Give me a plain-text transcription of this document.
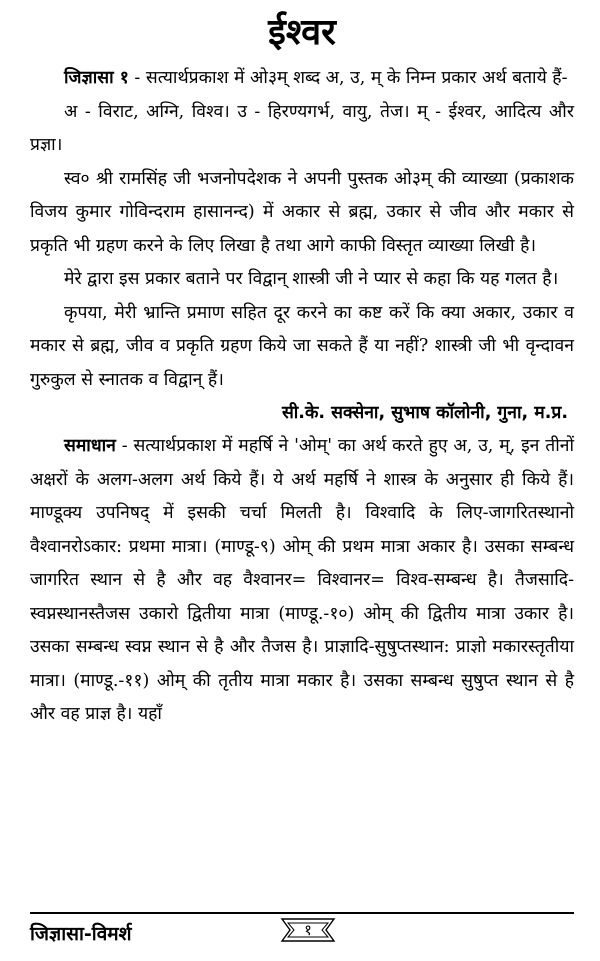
ईश्वर

जिज्ञासा १ - सत्यार्थप्रकाश में ओ३म् शब्द अ, उ, म् के निम्न प्रकार अर्थ बताये हैं-

अ - विराट, अग्नि, विश्व। उ - हिरण्यगर्भ, वायु, तेज। म् - ईश्वर, आदित्य और प्रज्ञा।

स्व० श्री रामसिंह जी भजनोपदेशक ने अपनी पुस्तक ओ३म् की व्याख्या (प्रकाशक विजय कुमार गोविन्दराम हासानन्द) में अकार से ब्रह्म, उकार से जीव और मकार से प्रकृति भी ग्रहण करने के लिए लिखा है तथा आगे काफी विस्तृत व्याख्या लिखी है।

मेरे द्वारा इस प्रकार बताने पर विद्वान् शास्त्री जी ने प्यार से कहा कि यह गलत है।

कृपया, मेरी भ्रान्ति प्रमाण सहित दूर करने का कष्ट करें कि क्या अकार, उकार व मकार से ब्रह्म, जीव व प्रकृति ग्रहण किये जा सकते हैं या नहीं? शास्त्री जी भी वृन्दावन गुरुकुल से स्नातक व विद्वान् हैं।

सी.के. सक्सेना, सुभाष कॉलोनी, गुना, म.प्र.

समाधान - सत्यार्थप्रकाश में महर्षि ने 'ओम्' का अर्थ करते हुए अ, उ, म्, इन तीनों अक्षरों के अलग-अलग अर्थ किये हैं। ये अर्थ महर्षि ने शास्त्र के अनुसार ही किये हैं। माण्डूक्य उपनिषद् में इसकी चर्चा मिलती है। विश्वादि के लिए-जागरितस्थानो वैश्वानरोऽकार: प्रथमा मात्रा। (माण्डू-९) ओम् की प्रथम मात्रा अकार है। उसका सम्बन्ध जागरित स्थान से है और वह वैश्वानर= विश्वानर= विश्व-सम्बन्ध है। तैजसादि-स्वप्नस्थानस्तैजस उकारो द्वितीया मात्रा (माण्डू.-१०) ओम् की द्वितीय मात्रा उकार है। उसका सम्बन्ध स्वप्न स्थान से है और तैजस है। प्राज्ञादि-सुषुप्तस्थान: प्राज्ञो मकारस्तृतीया मात्रा। (माण्डू.-११) ओम् की तृतीय मात्रा मकार है। उसका सम्बन्ध सुषुप्त स्थान से है और वह प्राज्ञ है। यहाँ

जिज्ञासा-विमर्श	१
